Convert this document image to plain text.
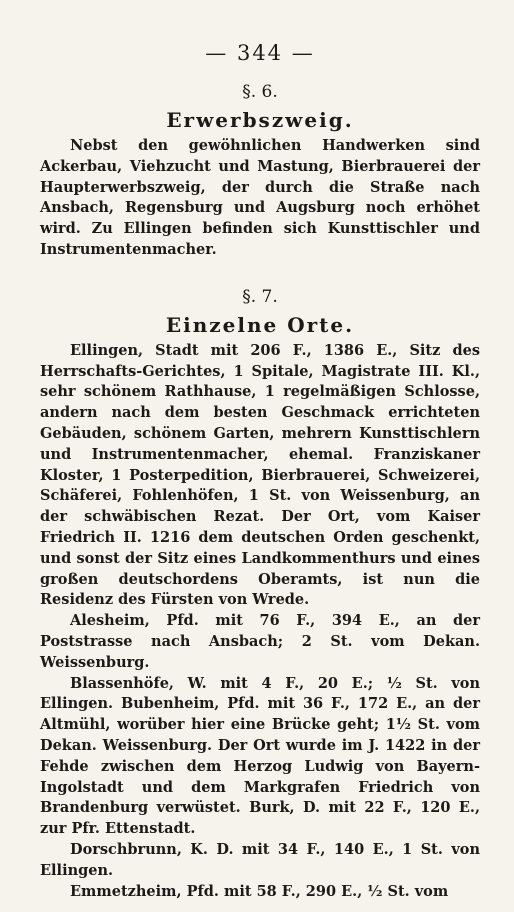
— 344 —
§. 6.
Erwerbszweig.

Nebst den gewöhnlichen Handwerken sind Ackerbau, Viehzucht und Mastung, Bierbrauerei der Haupterwerbszweig, der durch die Straße nach Ansbach, Regensburg und Augsburg noch erhöhet wird. Zu Ellingen befinden sich Kunsttischler und Instrumentenmacher.

§. 7.
Einzelne Orte.

Ellingen, Stadt mit 206 F., 1386 E., Sitz des Herrschafts-Gerichtes, 1 Spitale, Magistrate III. Kl., sehr schönem Rathhause, 1 regelmäßigen Schlosse, andern nach dem besten Geschmack errichteten Gebäuden, schönem Garten, mehrern Kunsttischlern und Instrumentenmacher, ehemal. Franziskaner Kloster, 1 Posterpedition, Bierbrauerei, Schweizerei, Schäferei, Fohlenhöfen, 1 St. von Weissenburg, an der schwäbischen Rezat. Der Ort, vom Kaiser Friedrich II. 1216 dem deutschen Orden geschenkt, und sonst der Sitz eines Landkommenthurs und eines großen deutschordens Oberamts, ist nun die Residenz des Fürsten von Wrede.

Alesheim, Pfd. mit 76 F., 394 E., an der Poststrasse nach Ansbach; 2 St. vom Dekan. Weissenburg.

Blassenhöfe, W. mit 4 F., 20 E.; ½ St. von Ellingen. Bubenheim, Pfd. mit 36 F., 172 E., an der Altmühl, worüber hier eine Brücke geht; 1½ St. vom Dekan. Weissenburg. Der Ort wurde im J. 1422 in der Fehde zwischen dem Herzog Ludwig von Bayern-Ingolstadt und dem Markgrafen Friedrich von Brandenburg verwüstet. Burk, D. mit 22 F., 120 E., zur Pfr. Ettenstadt.

Dorschbrunn, K. D. mit 34 F., 140 E., 1 St. von Ellingen.

Emmetzheim, Pfd. mit 58 F., 290 E., ½ St. vom
